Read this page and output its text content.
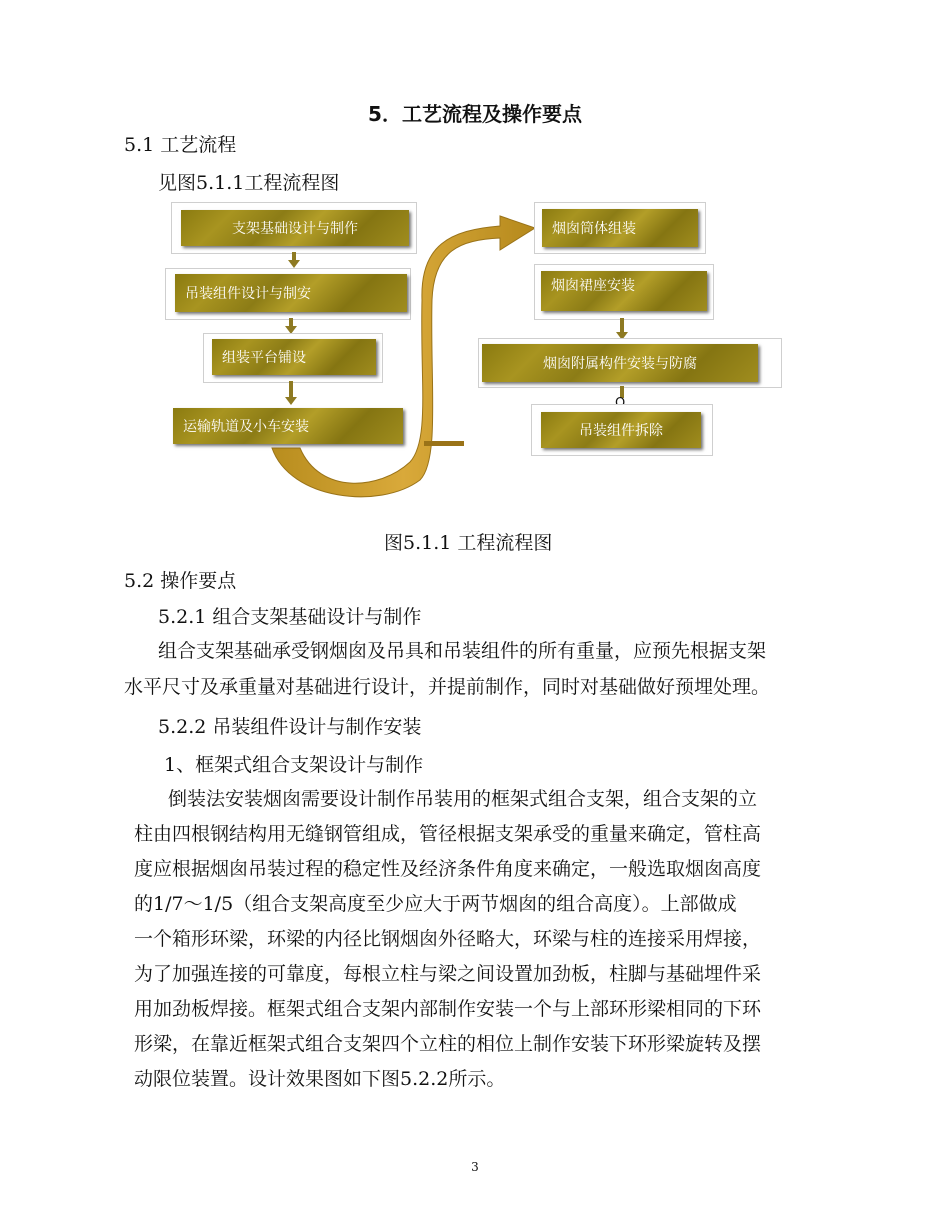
5．工艺流程及操作要点
5.1 工艺流程
见图5.1.1工程流程图
支架基础设计与制作
吊装组件设计与制安
组装平台铺设
运输轨道及小车安装
烟囱筒体组装
烟囱裙座安装
烟囱附属构件安装与防腐
吊装组件拆除
图5.1.1 工程流程图
5.2 操作要点
5.2.1 组合支架基础设计与制作
组合支架基础承受钢烟囱及吊具和吊装组件的所有重量，应预先根据支架
水平尺寸及承重量对基础进行设计，并提前制作，同时对基础做好预埋处理。
5.2.2 吊装组件设计与制作安装
1、框架式组合支架设计与制作
倒装法安装烟囱需要设计制作吊装用的框架式组合支架，组合支架的立
柱由四根钢结构用无缝钢管组成，管径根据支架承受的重量来确定，管柱高
度应根据烟囱吊装过程的稳定性及经济条件角度来确定，一般选取烟囱高度
的1/7～1/5（组合支架高度至少应大于两节烟囱的组合高度）。上部做成
一个箱形环梁，环梁的内径比钢烟囱外径略大，环梁与柱的连接采用焊接，
为了加强连接的可靠度，每根立柱与梁之间设置加劲板，柱脚与基础埋件采
用加劲板焊接。框架式组合支架内部制作安装一个与上部环形梁相同的下环
形梁，在靠近框架式组合支架四个立柱的相位上制作安装下环形梁旋转及摆
动限位装置。设计效果图如下图5.2.2所示。
3
